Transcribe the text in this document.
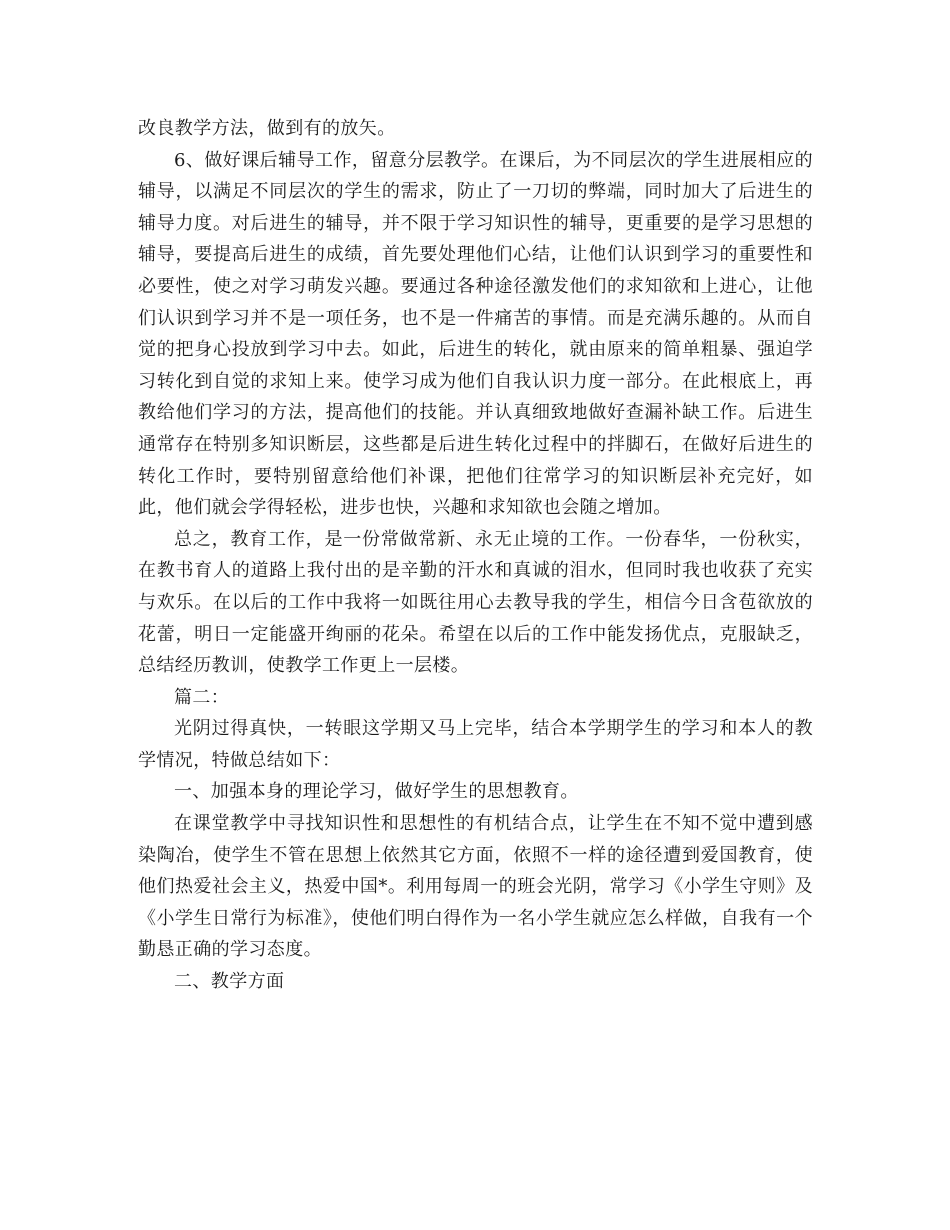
改良教学方法，做到有的放矢。

6、做好课后辅导工作，留意分层教学。在课后，为不同层次的学生进展相应的辅导，以满足不同层次的学生的需求，防止了一刀切的弊端，同时加大了后进生的辅导力度。对后进生的辅导，并不限于学习知识性的辅导，更重要的是学习思想的辅导，要提高后进生的成绩，首先要处理他们心结，让他们认识到学习的重要性和必要性，使之对学习萌发兴趣。要通过各种途径激发他们的求知欲和上进心，让他们认识到学习并不是一项任务，也不是一件痛苦的事情。而是充满乐趣的。从而自觉的把身心投放到学习中去。如此，后进生的转化，就由原来的简单粗暴、强迫学习转化到自觉的求知上来。使学习成为他们自我认识力度一部分。在此根底上，再教给他们学习的方法，提高他们的技能。并认真细致地做好查漏补缺工作。后进生通常存在特别多知识断层，这些都是后进生转化过程中的拌脚石，在做好后进生的转化工作时，要特别留意给他们补课，把他们往常学习的知识断层补充完好，如此，他们就会学得轻松，进步也快，兴趣和求知欲也会随之增加。

总之，教育工作，是一份常做常新、永无止境的工作。一份春华，一份秋实，在教书育人的道路上我付出的是辛勤的汗水和真诚的泪水，但同时我也收获了充实与欢乐。在以后的工作中我将一如既往用心去教导我的学生，相信今日含苞欲放的花蕾，明日一定能盛开绚丽的花朵。希望在以后的工作中能发扬优点，克服缺乏，总结经历教训，使教学工作更上一层楼。

篇二：

光阴过得真快，一转眼这学期又马上完毕，结合本学期学生的学习和本人的教学情况，特做总结如下：

一、加强本身的理论学习，做好学生的思想教育。

在课堂教学中寻找知识性和思想性的有机结合点，让学生在不知不觉中遭到感染陶冶，使学生不管在思想上依然其它方面，依照不一样的途径遭到爱国教育，使他们热爱社会主义，热爱中国*。利用每周一的班会光阴，常学习《小学生守则》及《小学生日常行为标准》，使他们明白得作为一名小学生就应怎么样做，自我有一个勤恳正确的学习态度。

二、教学方面
